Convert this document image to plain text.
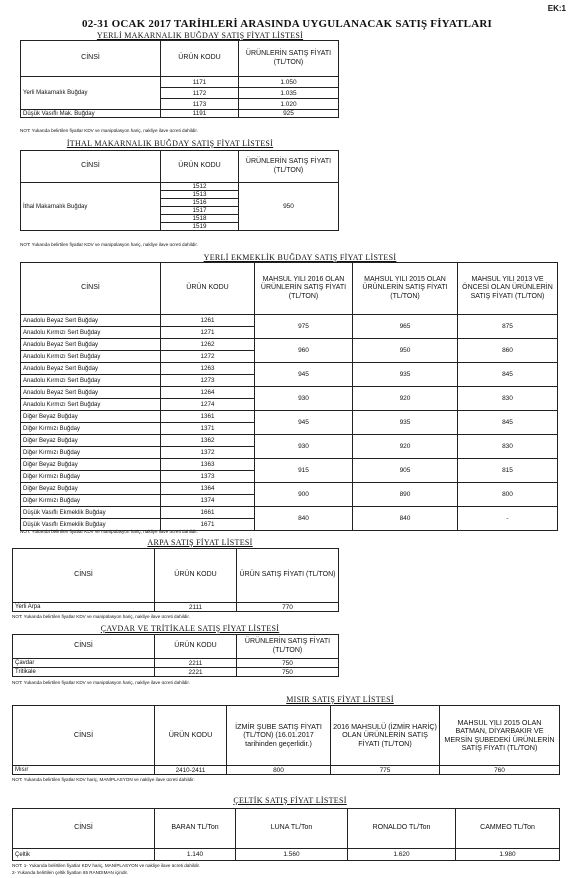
EK:1
02-31 OCAK 2017 TARİHLERİ ARASINDA UYGULANACAK SATIŞ FİYATLARI
YERLİ MAKARNALIK BUĞDAY SATIŞ FİYAT LİSTESİ
CİNSİ	ÜRÜN KODU	ÜRÜNLERİN SATIŞ FİYATI (TL/TON)
Yerli Makarnalık Buğday	1171	1.050
	1172	1.035
	1173	1.020
Düşük Vasıflı Mak. Buğday	1191	925
NOT: Yukarıda belirtilen fiyatlar KDV ve manipülasyon hariç, nakliye ilave ücreti dahildir.
İTHAL MAKARNALIK BUĞDAY SATIŞ FİYAT LİSTESİ
CİNSİ	ÜRÜN KODU	ÜRÜNLERİN SATIŞ FİYATI (TL/TON)
İthal Makarnalık Buğday	1512	950
	1513	
	1516	
	1517	
	1518	
	1519	
NOT: Yukarıda belirtilen fiyatlar KDV ve manipülasyon hariç, nakliye ilave ücreti dahildir.
YERLİ EKMEKLİK BUĞDAY SATIŞ FİYAT LİSTESİ
CİNSİ	ÜRÜN KODU	MAHSUL YILI 2016 OLAN ÜRÜNLERİN SATIŞ FİYATI (TL/TON)	MAHSUL YILI 2015 OLAN ÜRÜNLERİN SATIŞ FİYATI (TL/TON)	MAHSUL YILI 2013 VE ÖNCESİ OLAN ÜRÜNLERİN SATIŞ FİYATI (TL/TON)
Anadolu Beyaz Sert Buğday	1261	975	965	875
Anadolu Kırmızı Sert Buğday	1271			
Anadolu Beyaz Sert Buğday	1262	960	950	860
Anadolu Kırmızı Sert Buğday	1272			
Anadolu Beyaz Sert Buğday	1263	945	935	845
Anadolu Kırmızı Sert Buğday	1273			
Anadolu Beyaz Sert Buğday	1264	930	920	830
Anadolu Kırmızı Sert Buğday	1274			
Diğer Beyaz Buğday	1361	945	935	845
Diğer Kırmızı Buğday	1371			
Diğer Beyaz Buğday	1362	930	920	830
Diğer Kırmızı Buğday	1372			
Diğer Beyaz Buğday	1363	915	905	815
Diğer Kırmızı Buğday	1373			
Diğer Beyaz Buğday	1364	900	890	800
Diğer Kırmızı Buğday	1374			
Düşük Vasıflı Ekmeklik Buğday	1661	840	840	-
Düşük Vasıflı Ekmeklik Buğday	1671			
NOT: Yukarıda belirtilen fiyatlar KDV ve manipülasyon hariç, nakliye ilave ücreti dahildir.
ARPA SATIŞ FİYAT LİSTESİ
CİNSİ	ÜRÜN KODU	ÜRÜN SATIŞ FİYATI (TL/TON)
Yerli Arpa	2111	770
NOT: Yukarıda belirtilen fiyatlar KDV ve manipülasyon hariç, nakliye ilave ücreti dahildir.
ÇAVDAR VE TRİTİKALE SATIŞ FİYAT LİSTESİ
CİNSİ	ÜRÜN KODU	ÜRÜNLERİN SATIŞ FİYATI (TL/TON)
Çavdar	2211	750
Tritikale	2221	750
NOT: Yukarıda belirtilen fiyatlar KDV ve manipülasyon hariç, nakliye ilave ücreti dahildir.
MISIR SATIŞ FİYAT LİSTESİ
CİNSİ	ÜRÜN KODU	İZMİR ŞUBE SATIŞ FİYATI (TL/TON) (16.01.2017 tarihinden geçerlidir.)	2016 MAHSULÜ (İZMİR HARİÇ) OLAN ÜRÜNLERİN SATIŞ FİYATI (TL/TON)	MAHSUL YILI 2015 OLAN BATMAN, DİYARBAKIR VE MERSİN ŞUBEDEKİ ÜRÜNLERİN SATIŞ FİYATI (TL/TON)
Mısır	2410-2411	800	775	760
NOT: Yukarıda belirtilen fiyatlar KDV hariç, MANİPLASYON ve nakliye ilave ücreti dahildir.
ÇELTİK SATIŞ FİYAT LİSTESİ
CİNSİ	BARAN TL/Ton	LUNA TL/Ton	RONALDO TL/Ton	CAMMEO TL/Ton
Çeltik	1.140	1.560	1.620	1.980
NOT: 1- Yukarıda belirtilen fiyatlar KDV hariç, MANİPLASYON ve nakliye ilave ücreti dahildir.
2- Yukarıda belirtilen çeltik fiyatları 65 RANDIMAN içindir.
